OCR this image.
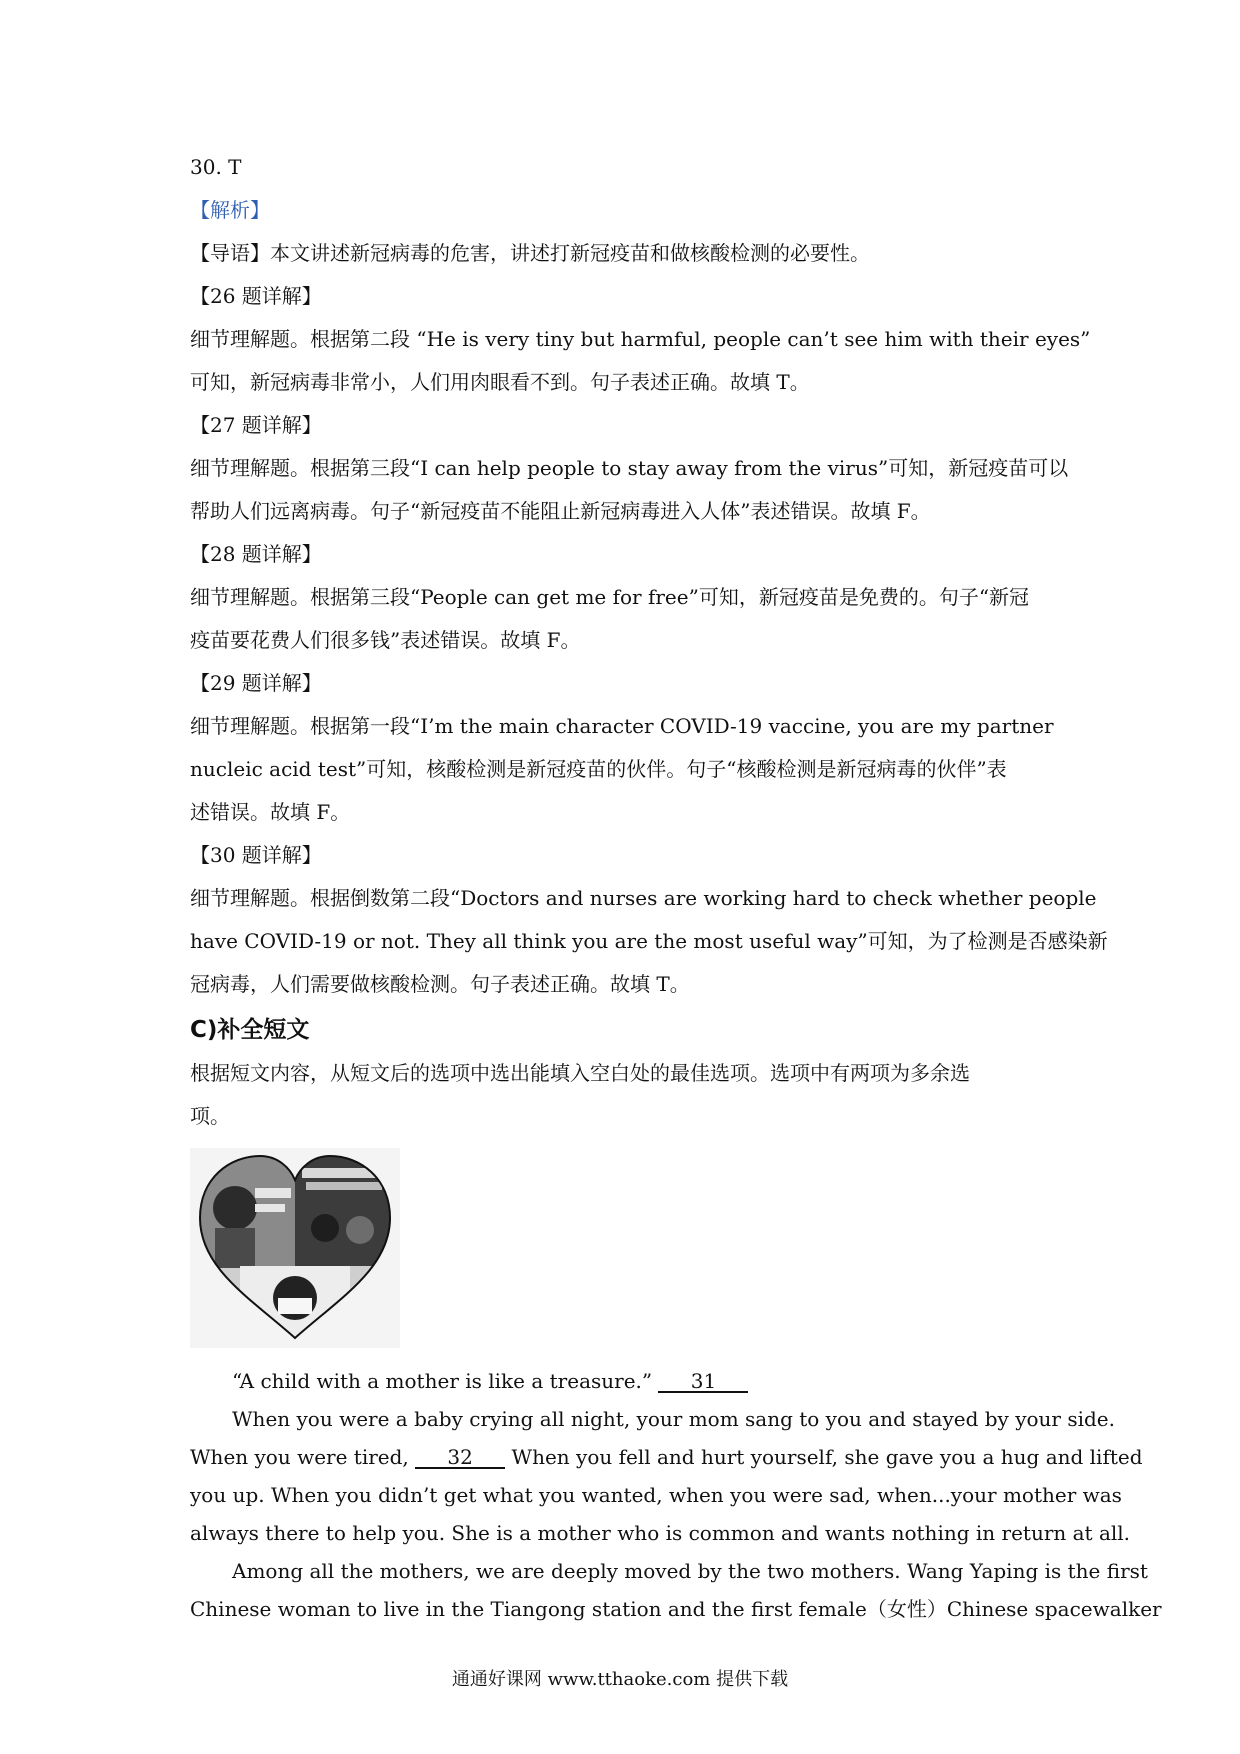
30. T
【解析】
【导语】本文讲述新冠病毒的危害，讲述打新冠疫苗和做核酸检测的必要性。
【26 题详解】
细节理解题。根据第二段 “He is very tiny but harmful, people can’t see him with their eyes”
可知，新冠病毒非常小，人们用肉眼看不到。句子表述正确。故填 T。
【27 题详解】
细节理解题。根据第三段“I can help people to stay away from the virus”可知，新冠疫苗可以
帮助人们远离病毒。句子“新冠疫苗不能阻止新冠病毒进入人体”表述错误。故填 F。
【28 题详解】
细节理解题。根据第三段“People can get me for free”可知，新冠疫苗是免费的。句子“新冠
疫苗要花费人们很多钱”表述错误。故填 F。
【29 题详解】
细节理解题。根据第一段“I’m the main character COVID-19 vaccine, you are my partner
nucleic acid test”可知，核酸检测是新冠疫苗的伙伴。句子“核酸检测是新冠病毒的伙伴”表
述错误。故填 F。
【30 题详解】
细节理解题。根据倒数第二段“Doctors and nurses are working hard to check whether people
have COVID-19 or not. They all think you are the most useful way”可知，为了检测是否感染新
冠病毒，人们需要做核酸检测。句子表述正确。故填 T。
C)补全短文
根据短文内容，从短文后的选项中选出能填入空白处的最佳选项。选项中有两项为多余选
项。
“A child with a mother is like a treasure.” 31
When you were a baby crying all night, your mom sang to you and stayed by your side.
When you were tired, 32 When you fell and hurt yourself, she gave you a hug and lifted
you up. When you didn’t get what you wanted, when you were sad, when...your mother was
always there to help you. She is a mother who is common and wants nothing in return at all.
Among all the mothers, we are deeply moved by the two mothers. Wang Yaping is the first
Chinese woman to live in the Tiangong station and the first female（女性）Chinese spacewalker
通通好课网 www.tthaoke.com 提供下载
